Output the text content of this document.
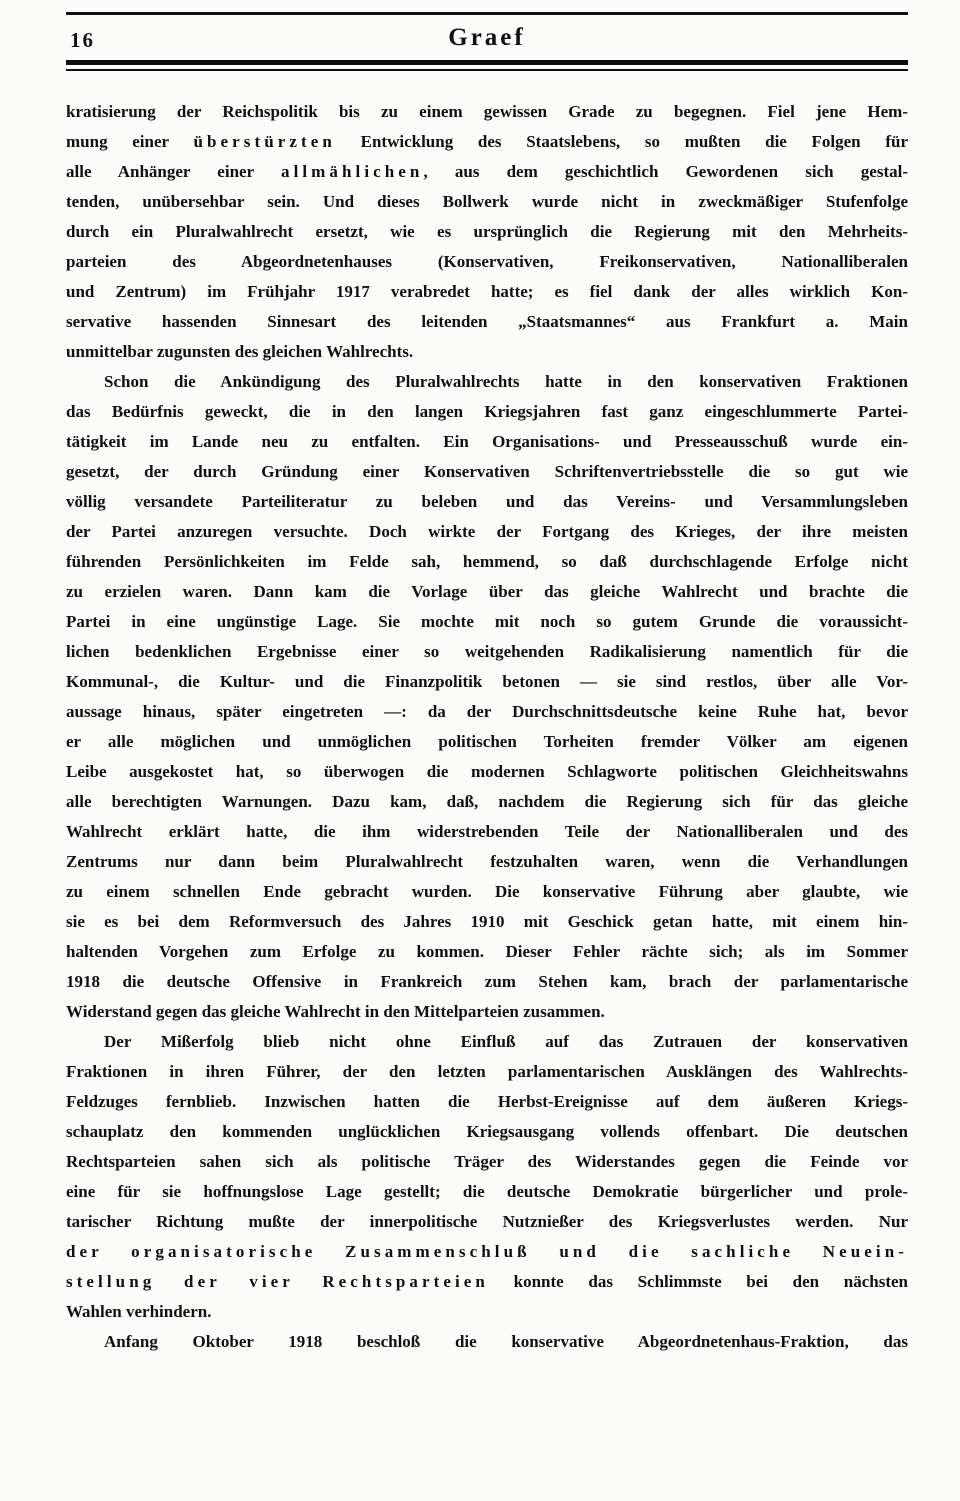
16	Graef
kratisierung der Reichspolitik bis zu einem gewissen Grade zu begegnen. Fiel jene Hem-
mung einer überstürzten Entwicklung des Staatslebens, so mußten die Folgen für
alle Anhänger einer allmählichen, aus dem geschichtlich Gewordenen sich gestal-
tenden, unübersehbar sein. Und dieses Bollwerk wurde nicht in zweckmäßiger Stufenfolge
durch ein Pluralwahlrecht ersetzt, wie es ursprünglich die Regierung mit den Mehrheits-
parteien des Abgeordnetenhauses (Konservativen, Freikonservativen, Nationalliberalen
und Zentrum) im Frühjahr 1917 verabredet hatte; es fiel dank der alles wirklich Kon-
servative hassenden Sinnesart des leitenden „Staatsmannes“ aus Frankfurt a. Main
unmittelbar zugunsten des gleichen Wahlrechts.
Schon die Ankündigung des Pluralwahlrechts hatte in den konservativen Fraktionen
das Bedürfnis geweckt, die in den langen Kriegsjahren fast ganz eingeschlummerte Partei-
tätigkeit im Lande neu zu entfalten. Ein Organisations- und Presseausschuß wurde ein-
gesetzt, der durch Gründung einer Konservativen Schriftenvertriebsstelle die so gut wie
völlig versandete Parteiliteratur zu beleben und das Vereins- und Versammlungsleben
der Partei anzuregen versuchte. Doch wirkte der Fortgang des Krieges, der ihre meisten
führenden Persönlichkeiten im Felde sah, hemmend, so daß durchschlagende Erfolge nicht
zu erzielen waren. Dann kam die Vorlage über das gleiche Wahlrecht und brachte die
Partei in eine ungünstige Lage. Sie mochte mit noch so gutem Grunde die voraussicht-
lichen bedenklichen Ergebnisse einer so weitgehenden Radikalisierung namentlich für die
Kommunal-, die Kultur- und die Finanzpolitik betonen — sie sind restlos, über alle Vor-
aussage hinaus, später eingetreten —: da der Durchschnittsdeutsche keine Ruhe hat, bevor
er alle möglichen und unmöglichen politischen Torheiten fremder Völker am eigenen
Leibe ausgekostet hat, so überwogen die modernen Schlagworte politischen Gleichheitswahns
alle berechtigten Warnungen. Dazu kam, daß, nachdem die Regierung sich für das gleiche
Wahlrecht erklärt hatte, die ihm widerstrebenden Teile der Nationalliberalen und des
Zentrums nur dann beim Pluralwahlrecht festzuhalten waren, wenn die Verhandlungen
zu einem schnellen Ende gebracht wurden. Die konservative Führung aber glaubte, wie
sie es bei dem Reformversuch des Jahres 1910 mit Geschick getan hatte, mit einem hin-
haltenden Vorgehen zum Erfolge zu kommen. Dieser Fehler rächte sich; als im Sommer
1918 die deutsche Offensive in Frankreich zum Stehen kam, brach der parlamentarische
Widerstand gegen das gleiche Wahlrecht in den Mittelparteien zusammen.
Der Mißerfolg blieb nicht ohne Einfluß auf das Zutrauen der konservativen
Fraktionen in ihren Führer, der den letzten parlamentarischen Ausklängen des Wahlrechts-
Feldzuges fernblieb. Inzwischen hatten die Herbst-Ereignisse auf dem äußeren Kriegs-
schauplatz den kommenden unglücklichen Kriegsausgang vollends offenbart. Die deutschen
Rechtsparteien sahen sich als politische Träger des Widerstandes gegen die Feinde vor
eine für sie hoffnungslose Lage gestellt; die deutsche Demokratie bürgerlicher und prole-
tarischer Richtung mußte der innerpolitische Nutznießer des Kriegsverlustes werden. Nur
der organisatorische Zusammenschluß und die sachliche Neuein-
stellung der vier Rechtsparteien konnte das Schlimmste bei den nächsten
Wahlen verhindern.
Anfang Oktober 1918 beschloß die konservative Abgeordnetenhaus-Fraktion, das
